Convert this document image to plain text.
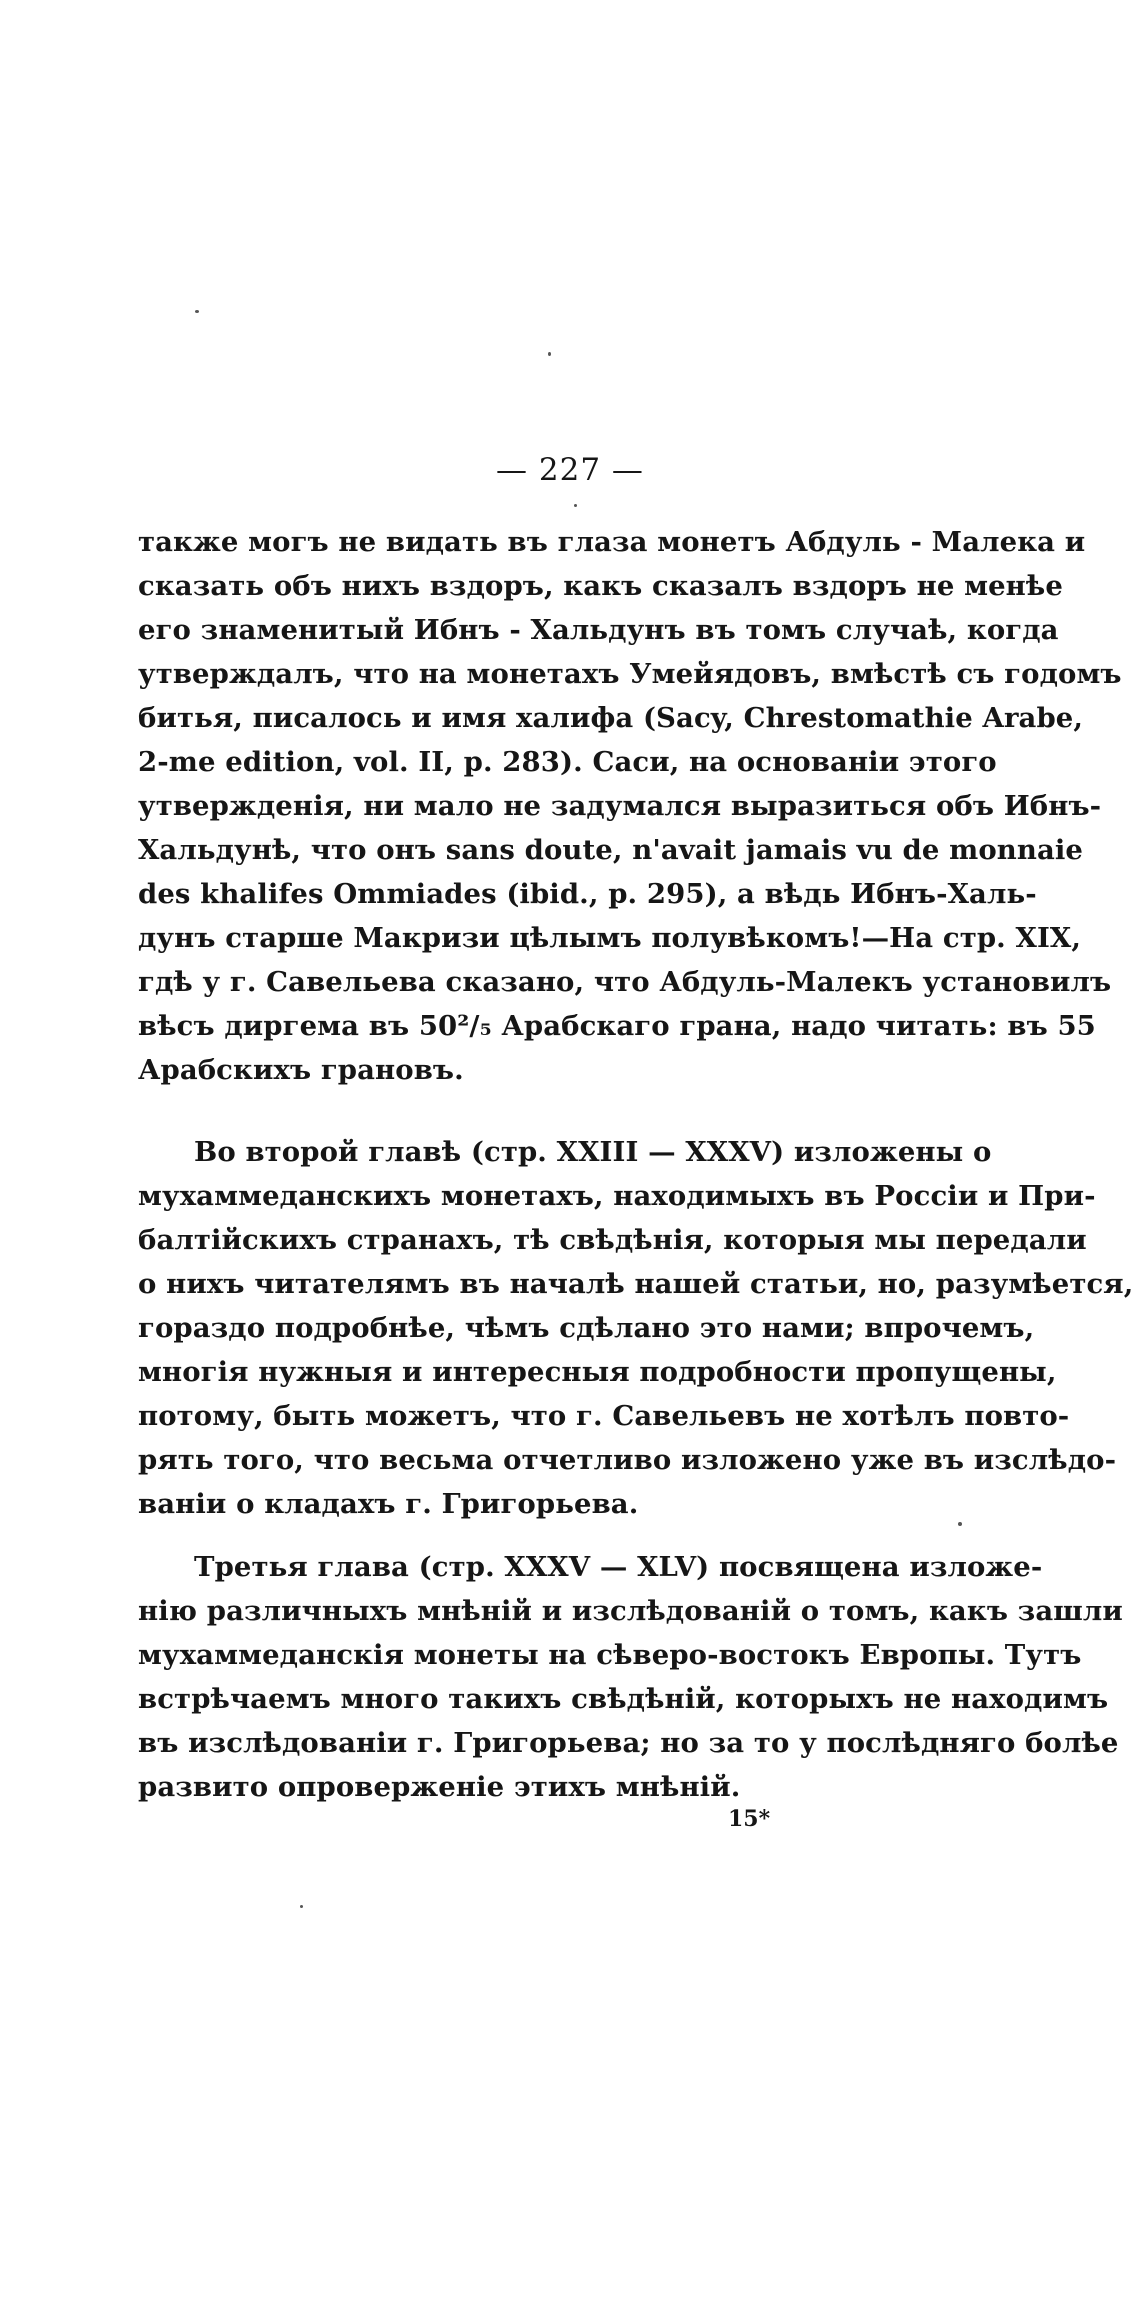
— 227 —
также могъ не видать въ глаза монетъ Абдуль - Малека и
сказать объ нихъ вздоръ, какъ сказалъ вздоръ не менѣе
его знаменитый Ибнъ - Хальдунъ въ томъ случаѣ, когда
утверждалъ, что на монетахъ Умейядовъ, вмѣстѣ съ годомъ
битья, писалось и имя халифа (Sacy, Chrestomathie Arabe,
2-me edition, vol. II, p. 283). Саси, на основаніи этого
утвержденія, ни мало не задумался выразиться объ Ибнъ-
Хальдунѣ, что онъ sans doute, n'avait jamais vu de monnaie
des khalifes Ommiades (ibid., p. 295), а вѣдь Ибнъ-Халь-
дунъ старше Макризи цѣлымъ полувѣкомъ!—На стр. XIX,
гдѣ у г. Савельева сказано, что Абдуль-Малекъ установилъ
вѣсъ диргема въ 50²/₅ Арабскаго грана, надо читать: въ 55
Арабскихъ грановъ.
Во второй главѣ (стр. XXIII — XXXV) изложены о
мухаммеданскихъ монетахъ, находимыхъ въ Россіи и При-
балтійскихъ странахъ, тѣ свѣдѣнія, которыя мы передали
о нихъ читателямъ въ началѣ нашей статьи, но, разумѣется,
гораздо подробнѣе, чѣмъ сдѣлано это нами; впрочемъ,
многія нужныя и интересныя подробности пропущены,
потому, быть можетъ, что г. Савельевъ не хотѣлъ повто-
рять того, что весьма отчетливо изложено уже въ изслѣдо-
ваніи о кладахъ г. Григорьева.
Третья глава (стр. XXXV — XLV) посвящена изложе-
нію различныхъ мнѣній и изслѣдованій о томъ, какъ зашли
мухаммеданскія монеты на сѣверо-востокъ Европы. Тутъ
встрѣчаемъ много такихъ свѣдѣній, которыхъ не находимъ
въ изслѣдованіи г. Григорьева; но за то у послѣдняго болѣе
развито опроверженіе этихъ мнѣній.
15*
